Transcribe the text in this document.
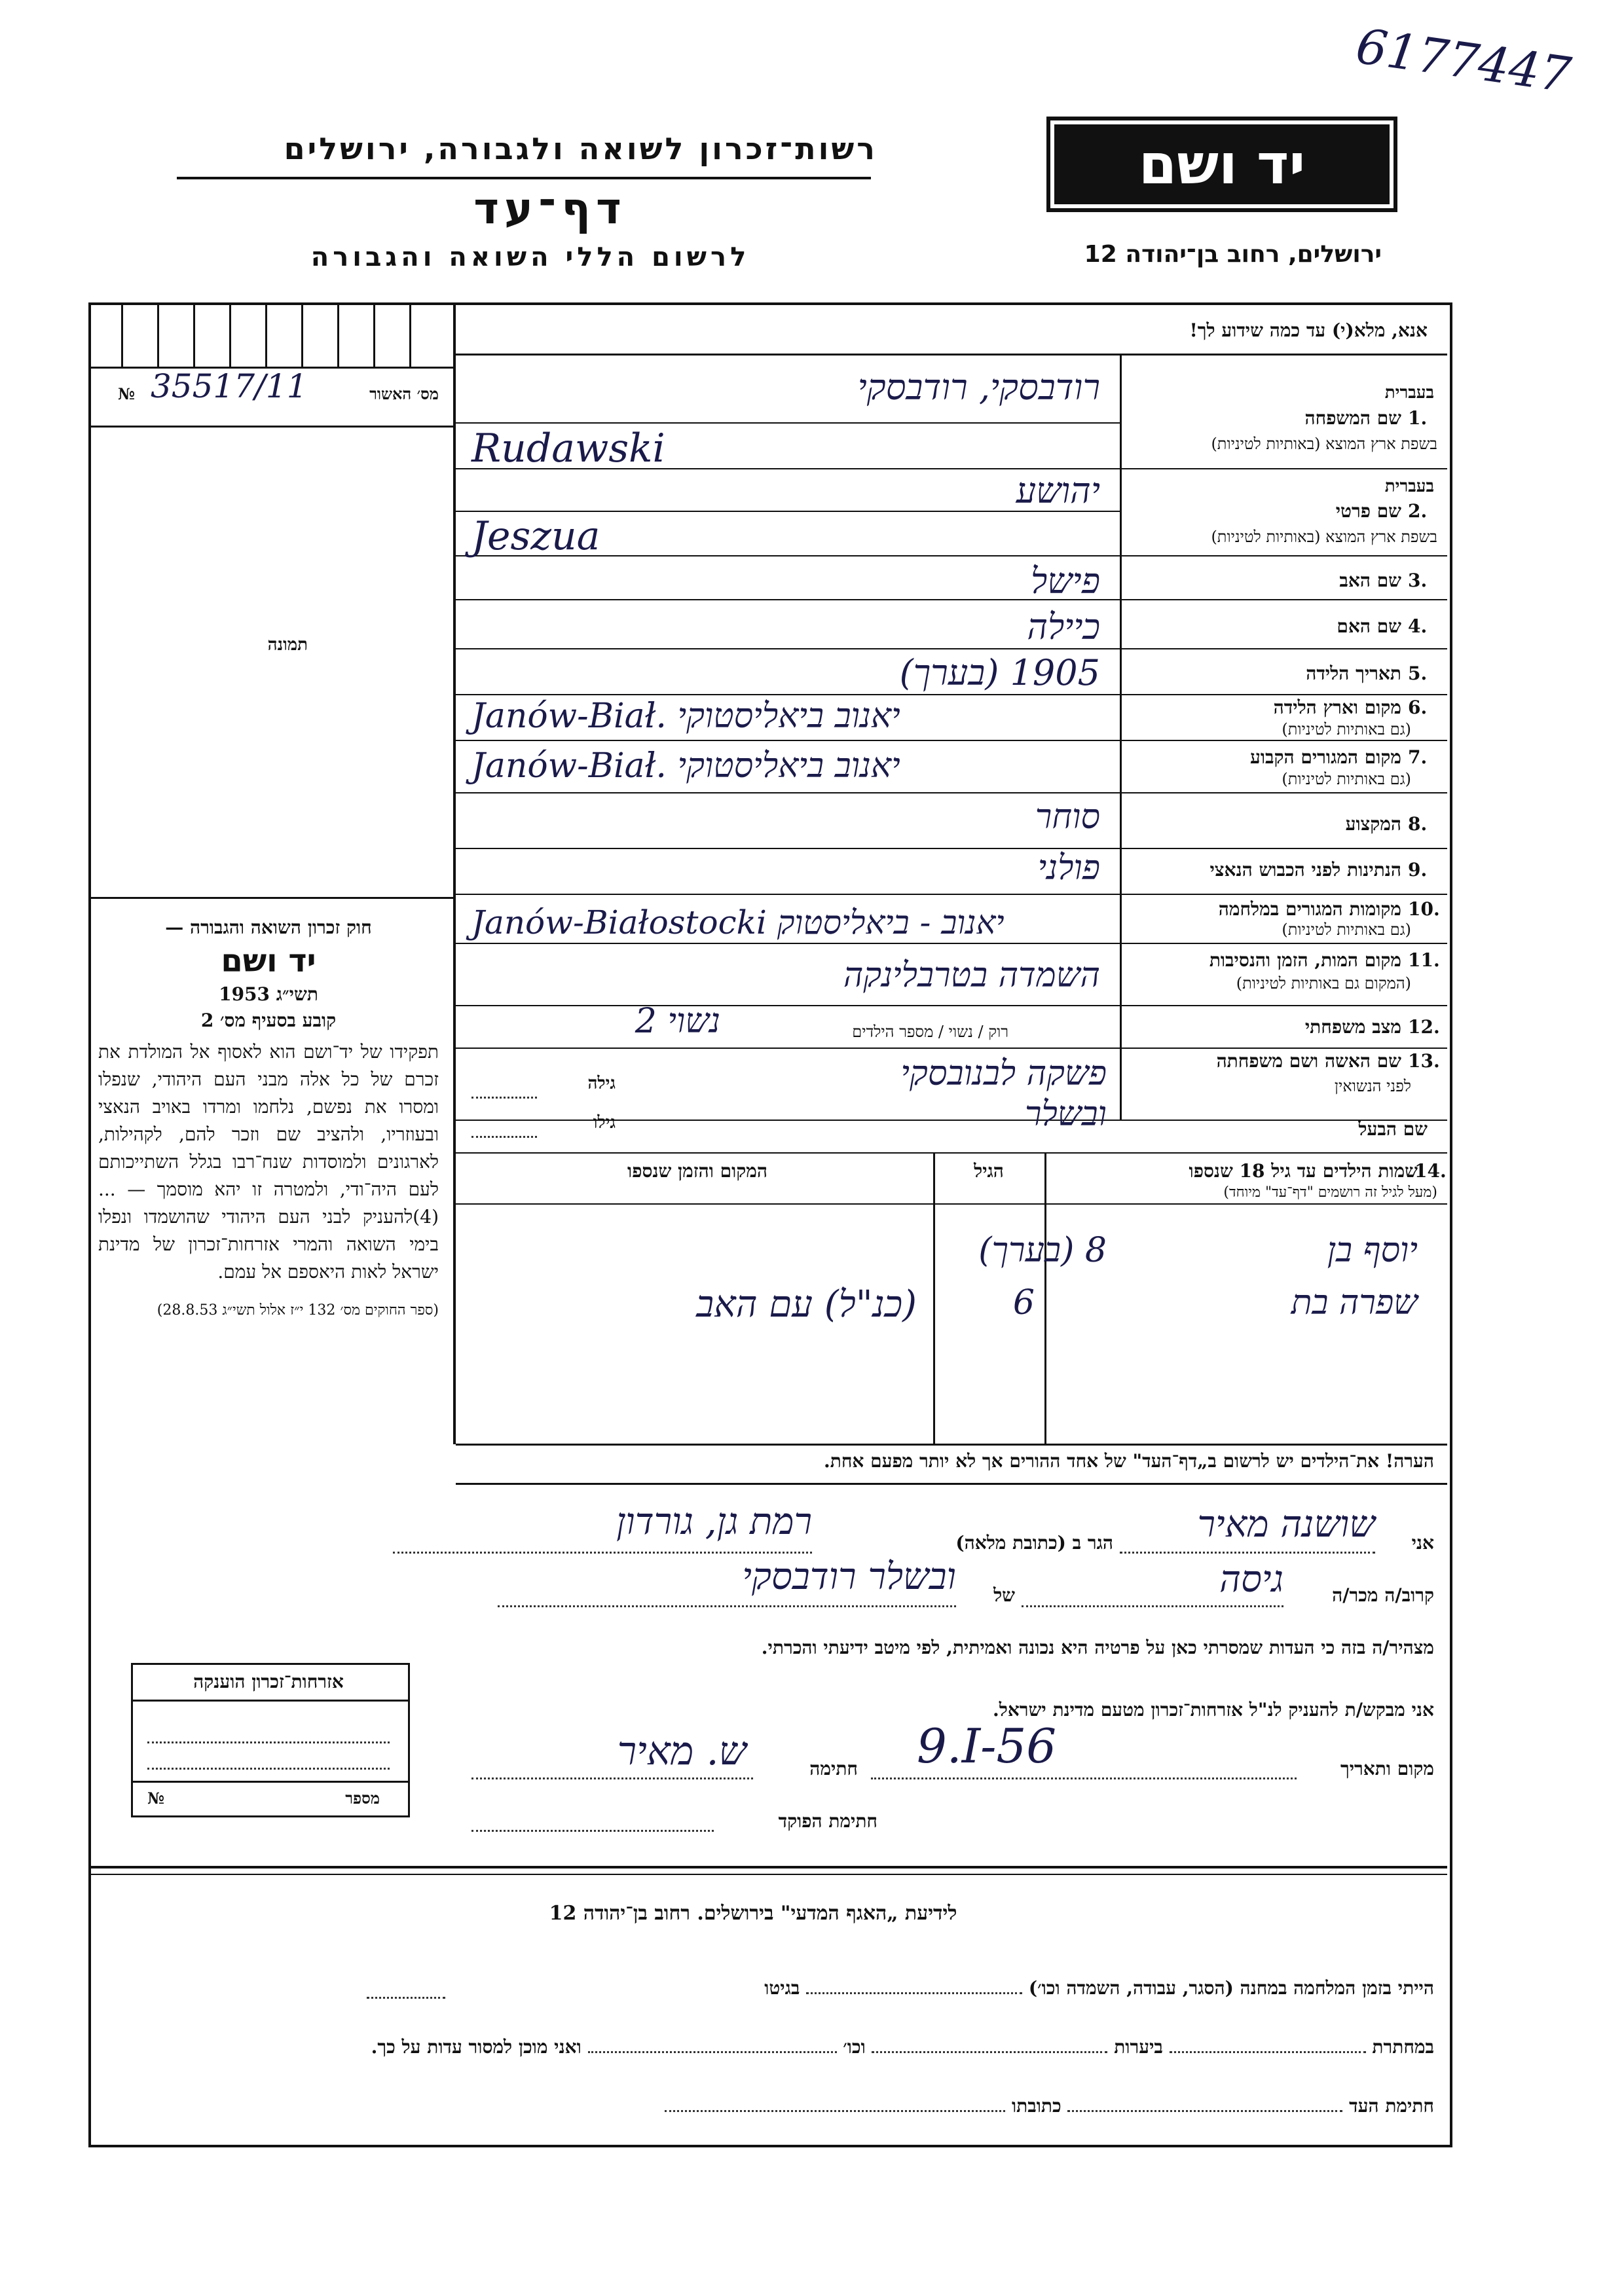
6177447
רשות־זכרון לשואה ולגבורה, ירושלים
דף־עד
לרשום הללי השואה והגבורה
יד ושם
ירושלים, רחוב בן־יהודה 12
אנא, מלא(י) עד כמה שידוע לך!
№ 35517/11	מס׳ האשור
תמונה
בעברית
שם המשפחה 1.
בשפת ארץ המוצא (באותיות לטיניות)
רודבסקי, רודבסקי
Rudawski
בעברית
שם פרטי 2.
בשפת ארץ המוצא (באותיות לטיניות)
יהושע
Jeszua
שם האב 3.
פישל
שם האם 4.
כיילה
תאריך הלידה 5.
1905 (בערך)
מקום וארץ הלידה 6.
(גם באותיות לטיניות)
Janów-Biał. יאנוב ביאליסטוקי
מקום המגורים הקבוע 7.
(גם באותיות לטיניות)
Janów-Biał. יאנוב ביאליסטוקי
המקצוע 8.
סוחר
הנתינות לפני הכבוש הנאצי 9.
פולני
מקומות המגורים במלחמה 10.
(גם באותיות לטיניות)
Janów-Białostocki יאנוב - ביאליסטוק
מקום המות, הזמן והנסיבות 11.
(המקום גם באותיות לטיניות)
השמדה בטרבלינקה
מצב משפחתי 12.
רוק / נשוי / מספר הילדים
נשוי 2
שם האשה ושם משפחתה 13.
לפני הנשואין
גילה	פשקה לבנובסקי
שם הבעל
גילו	ובשלר
שמות הילדים עד גיל 18 שנספו
14.
(מעל לגיל זה רושמים "דף־עד" מיוחד)
הגיל
המקום והזמן שנספו
יוסף בן
8 (בערך)
שפרה בת
6
(כנ"ל) עם האב
הערה! את־הילדים יש לרשום ב„דף־העד" של אחד ההורים אך לא יותר מפעם אחת.

חוק זכרון השואה והגבורה —

יד ושם

תשי״ג 1953

קובע בסעיף מס׳ 2

תפקידו של יד־ושם הוא לאסוף אל המולדת את זכרם של כל אלה מבני העם היהודי, שנפלו ומסרו את נפשם, נלחמו ומרדו באויב הנאצי ובעוזריו, ולהציב שם וזכר להם, לקהילות, לארגונים ולמוסדות שנח־רבו בגלל השתייכותם לעם היה־ודי, ולמטרה זו יהא מוסמך — ...(4)להעניק לבני העם היהודי שהושמדו ונפלו בימי השואה והמרי אזרחות־זכרון של מדינת ישראל לאות היאספם אל עמם.

(ספר החוקים מס׳ 132 י״ז אלול תשי״ג 28.8.53)

אני
שושנה מאיר
הגר ב (כתובת מלאה)
רמת גן, גורדון
קרוב/ה מכר/ה
גיסה
של
ובשלר רודבסקי
מצהיר/ה בזה כי העדות שמסרתי כאן על פרטיה היא נכונה ואמיתית, לפי מיטב ידיעתי והכרתי.
אזרחות־זכרון הוענקה
№	מספר
אני מבקש/ת להעניק לנ"ל אזרחות־זכרון מטעם מדינת ישראל.
מקום ותאריך
9.I-56
חתימה
ש. מאיר
חתימת הפוקד
לידיעת „האגף המדעי" בירושלים. רחוב בן־יהודה 12
הייתי בזמן המלחמה במחנה (הסגר, עבודה, השמדה וכו׳)  בגיטו
במחתרת  ביערות  וכו׳  ואני מוכן למסור עדות על כך.
חתימת העד  כתובתו
